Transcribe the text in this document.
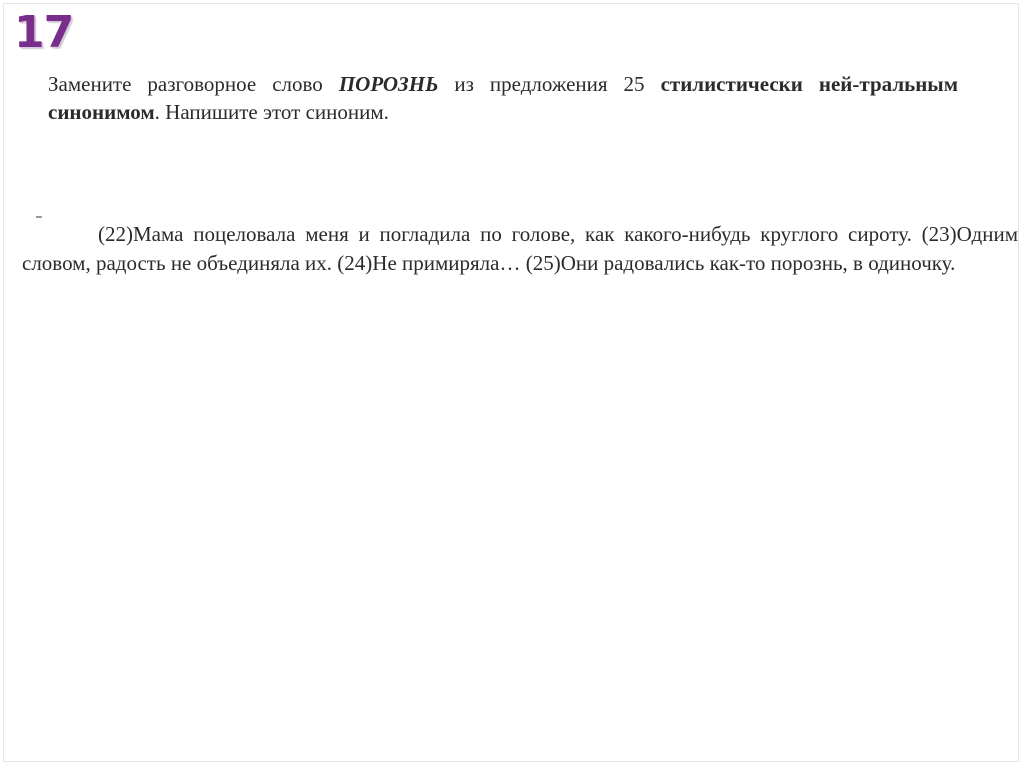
17
Замените разговорное слово ПОРОЗНЬ из предложения 25 стилистически ней-тральным синонимом. Напишите этот синоним.
(22)Мама поцеловала меня и погладила по голове, как какого-нибудь круглого сироту. (23)Одним словом, радость не объединяла их. (24)Не примиряла… (25)Они радовались как-то порознь, в одиночку.
